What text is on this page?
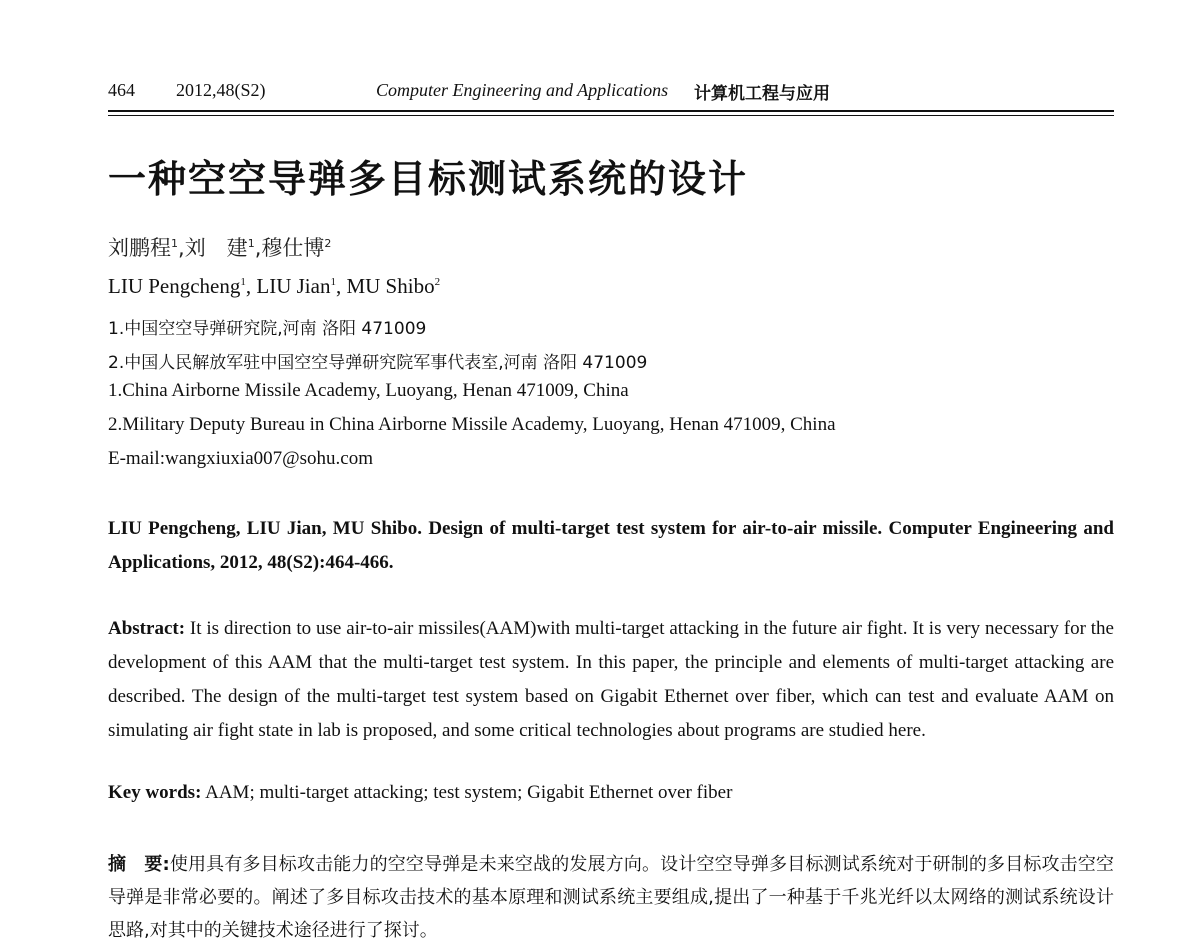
464 2012,48(S2)	Computer Engineering and Applications 计算机工程与应用
一种空空导弹多目标测试系统的设计
刘鹏程$^1$,刘　建$^1$,穆仕博$^2$
LIU Pengcheng$^1$, LIU Jian$^1$, MU Shibo$^2$
1.中国空空导弹研究院,河南 洛阳 471009
2.中国人民解放军驻中国空空导弹研究院军事代表室,河南 洛阳 471009
1.China Airborne Missile Academy, Luoyang, Henan 471009, China
2.Military Deputy Bureau in China Airborne Missile Academy, Luoyang, Henan 471009, China
E-mail:wangxiuxia007@sohu.com
LIU Pengcheng, LIU Jian, MU Shibo. Design of multi-target test system for air-to-air missile. Computer Engineering and Applications, 2012, 48(S2):464-466.
Abstract: It is direction to use air-to-air missiles(AAM)with multi-target attacking in the future air fight. It is very necessary for the development of this AAM that the multi-target test system. In this paper, the principle and elements of multi-target attacking are described. The design of the multi-target test system based on Gigabit Ethernet over fiber, which can test and evaluate AAM on simulating air fight state in lab is proposed, and some critical technologies about programs are studied here.
Key words: AAM; multi-target attacking; test system; Gigabit Ethernet over fiber
摘　要:使用具有多目标攻击能力的空空导弹是未来空战的发展方向。设计空空导弹多目标测试系统对于研制的多目标攻击空空导弹是非常必要的。阐述了多目标攻击技术的基本原理和测试系统主要组成,提出了一种基于千兆光纤以太网络的测试系统设计思路,对其中的关键技术途径进行了探讨。
